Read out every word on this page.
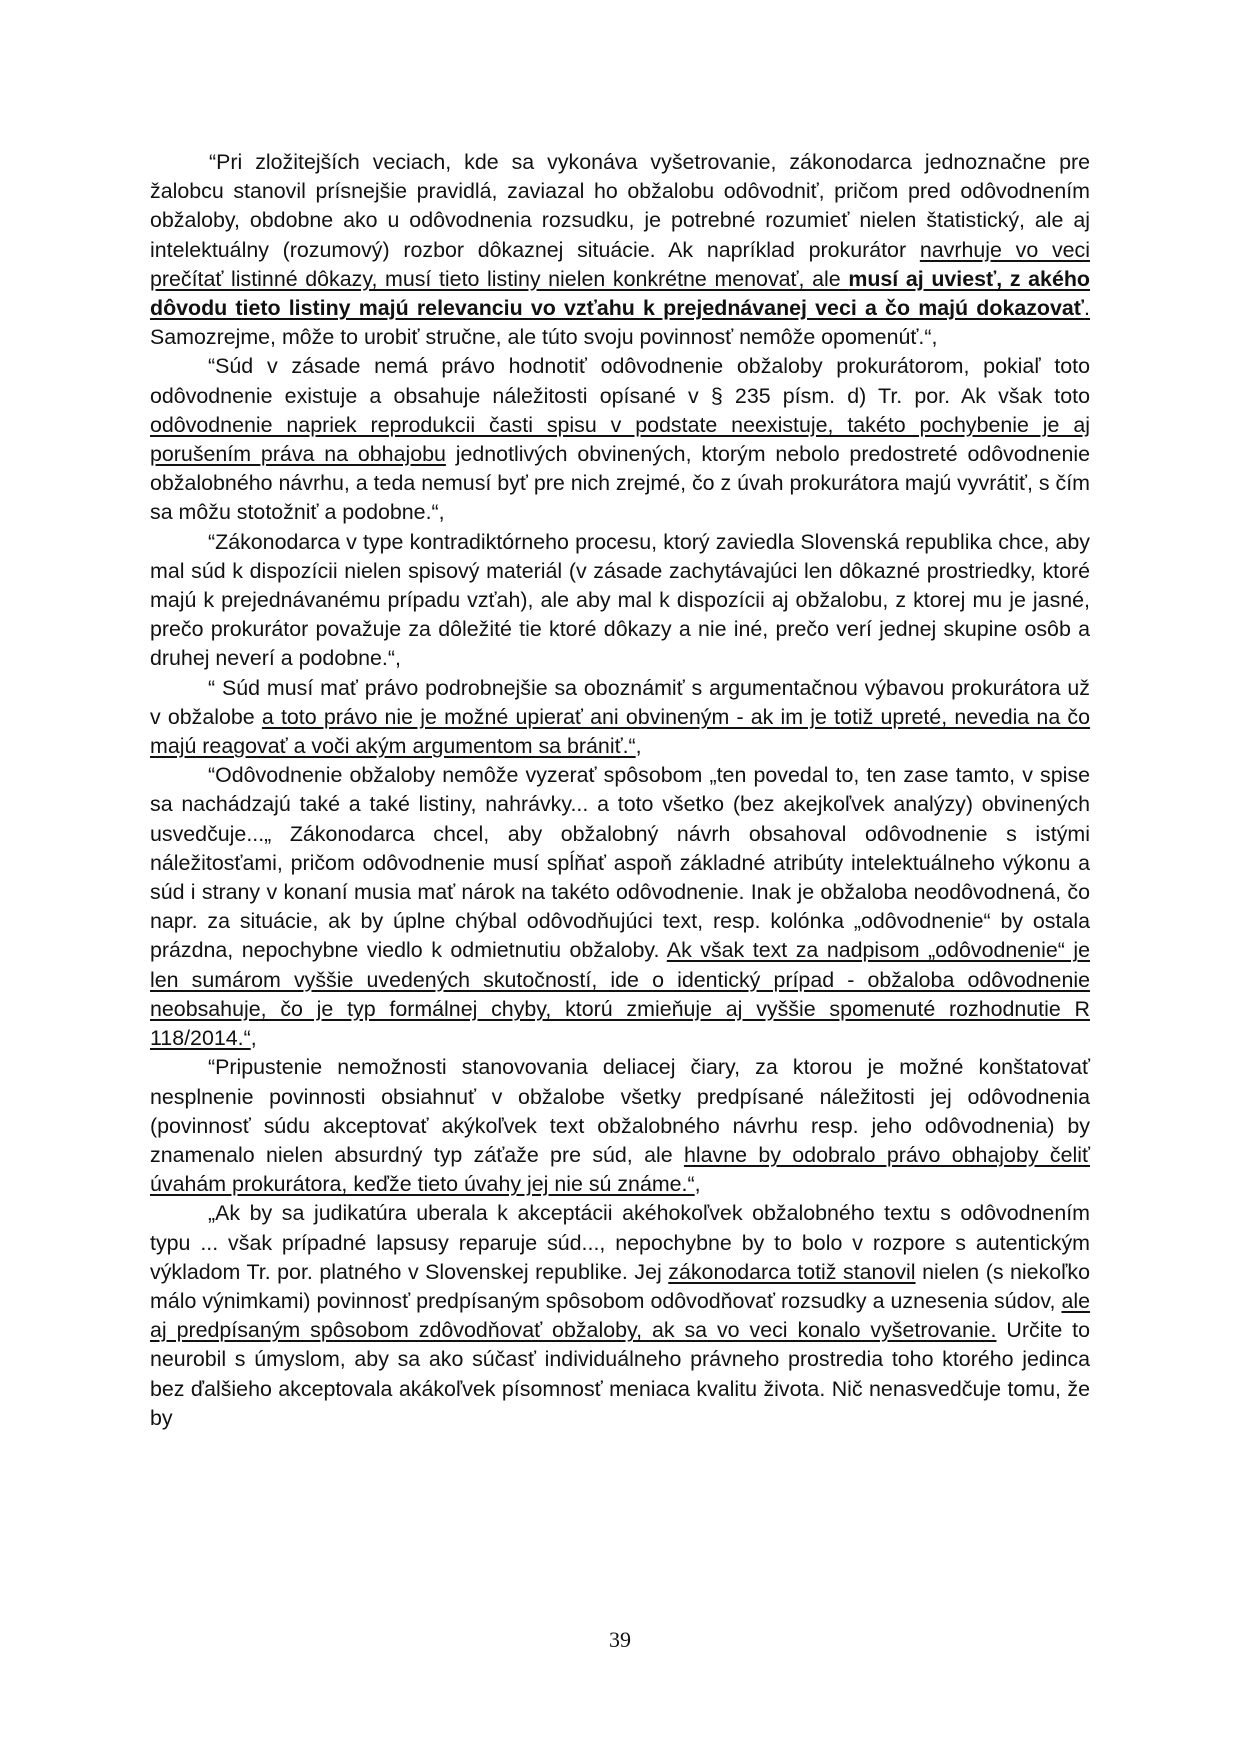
“Pri zložitejších veciach, kde sa vykonáva vyšetrovanie, zákonodarca jednoznačne pre žalobcu stanovil prísnejšie pravidlá, zaviazal ho obžalobu odôvodniť, pričom pred odôvodnením obžaloby, obdobne ako u odôvodnenia rozsudku, je potrebné rozumieť nielen štatistický, ale aj intelektuálny (rozumový) rozbor dôkaznej situácie. Ak napríklad prokurátor navrhuje vo veci prečítať listinné dôkazy, musí tieto listiny nielen konkrétne menovať, ale musí aj uviesť, z akého dôvodu tieto listiny majú relevanciu vo vzťahu k prejednávanej veci a čo majú dokazovať. Samozrejme, môže to urobiť stručne, ale túto svoju povinnosť nemôže opomenúť.“,

“Súd v zásade nemá právo hodnotiť odôvodnenie obžaloby prokurátorom, pokiaľ toto odôvodnenie existuje a obsahuje náležitosti opísané v § 235 písm. d) Tr. por. Ak však toto odôvodnenie napriek reprodukcii časti spisu v podstate neexistuje, takéto pochybenie je aj porušením práva na obhajobu jednotlivých obvinených, ktorým nebolo predostreté odôvodnenie obžalobného návrhu, a teda nemusí byť pre nich zrejmé, čo z úvah prokurátora majú vyvrátiť, s čím sa môžu stotožniť a podobne.“,

“Zákonodarca v type kontradiktórneho procesu, ktorý zaviedla Slovenská republika chce, aby mal súd k dispozícii nielen spisový materiál (v zásade zachytávajúci len dôkazné prostriedky, ktoré majú k prejednávanému prípadu vzťah), ale aby mal k dispozícii aj obžalobu, z ktorej mu je jasné, prečo prokurátor považuje za dôležité tie ktoré dôkazy a nie iné, prečo verí jednej skupine osôb a druhej neverí a podobne.“,

“ Súd musí mať právo podrobnejšie sa oboznámiť s argumentačnou výbavou prokurátora už v obžalobe a toto právo nie je možné upierať ani obvineným - ak im je totiž upreté, nevedia na čo majú reagovať a voči akým argumentom sa brániť.“,

“Odôvodnenie obžaloby nemôže vyzerať spôsobom „ten povedal to, ten zase tamto, v spise sa nachádzajú také a také listiny, nahrávky... a toto všetko (bez akejkoľvek analýzy) obvinených usvedčuje...„ Zákonodarca chcel, aby obžalobný návrh obsahoval odôvodnenie s istými náležitosťami, pričom odôvodnenie musí spĺňať aspoň základné atribúty intelektuálneho výkonu a súd i strany v konaní musia mať nárok na takéto odôvodnenie. Inak je obžaloba neodôvodnená, čo napr. za situácie, ak by úplne chýbal odôvodňujúci text, resp. kolónka „odôvodnenie“ by ostala prázdna, nepochybne viedlo k odmietnutiu obžaloby. Ak však text za nadpisom „odôvodnenie“ je len sumárom vyššie uvedených skutočností, ide o identický prípad - obžaloba odôvodnenie neobsahuje, čo je typ formálnej chyby, ktorú zmieňuje aj vyššie spomenuté rozhodnutie R 118/2014.“,

“Pripustenie nemožnosti stanovovania deliacej čiary, za ktorou je možné konštatovať nesplnenie povinnosti obsiahnuť v obžalobe všetky predpísané náležitosti jej odôvodnenia (povinnosť súdu akceptovať akýkoľvek text obžalobného návrhu resp. jeho odôvodnenia) by znamenalo nielen absurdný typ záťaže pre súd, ale hlavne by odobralo právo obhajoby čeliť úvahám prokurátora, keďže tieto úvahy jej nie sú známe.“,

„Ak by sa judikatúra uberala k akceptácii akéhokoľvek obžalobného textu s odôvodnením typu ... však prípadné lapsusy reparuje súd..., nepochybne by to bolo v rozpore s autentickým výkladom Tr. por. platného v Slovenskej republike. Jej zákonodarca totiž stanovil nielen (s niekoľko málo výnimkami) povinnosť predpísaným spôsobom odôvodňovať rozsudky a uznesenia súdov, ale aj predpísaným spôsobom zdôvodňovať obžaloby, ak sa vo veci konalo vyšetrovanie. Určite to neurobil s úmyslom, aby sa ako súčasť individuálneho právneho prostredia toho ktorého jedinca bez ďalšieho akceptovala akákoľvek písomnosť meniaca kvalitu života. Nič nenasvedčuje tomu, že by

39
